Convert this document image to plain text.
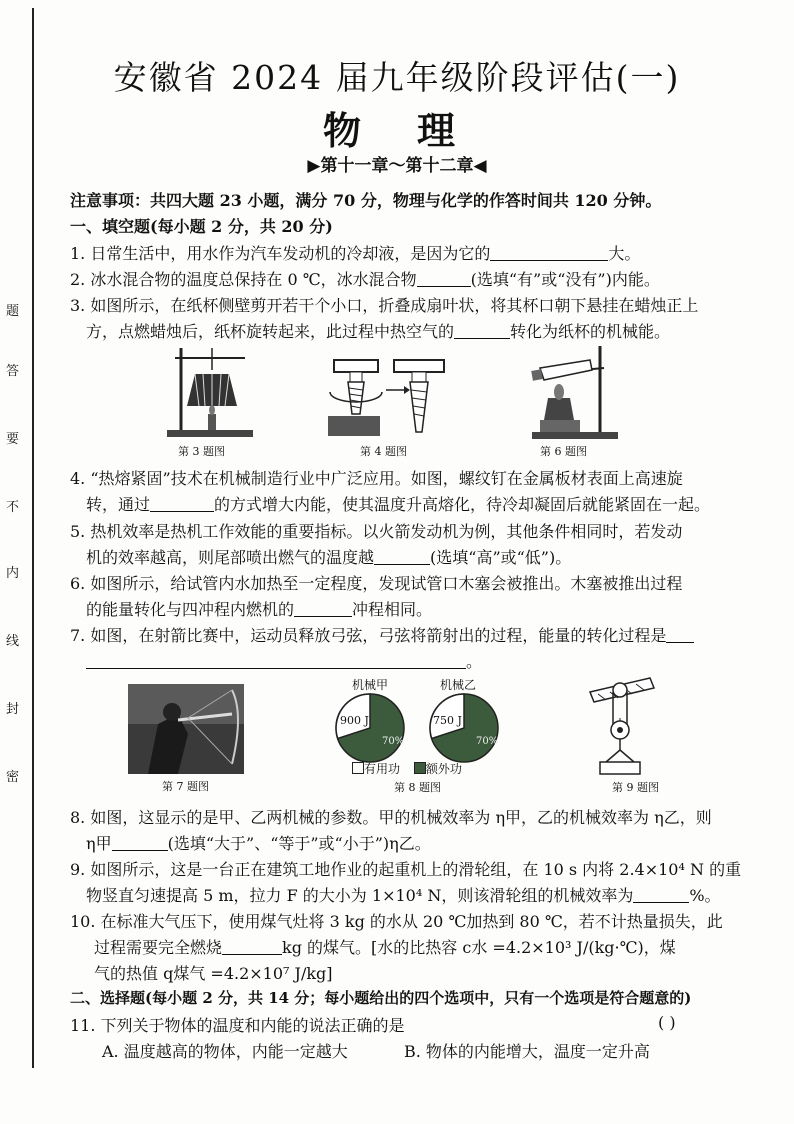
题
答
要
不
内
线
封
密
安徽省 2024 届九年级阶段评估(一)
物理
▶第十一章～第十二章◀
注意事项：共四大题 23 小题，满分 70 分，物理与化学的作答时间共 120 分钟。
一、填空题(每小题 2 分，共 20 分)
1. 日常生活中，用水作为汽车发动机的冷却液，是因为它的	大。
2. 冰水混合物的温度总保持在 0 ℃，冰水混合物	(选填“有”或“没有”)内能。
3. 如图所示，在纸杯侧壁剪开若干个小口，折叠成扇叶状，将其杯口朝下悬挂在蜡烛正上
方，点燃蜡烛后，纸杯旋转起来，此过程中热空气的	转化为纸杯的机械能。
第 3 题图	第 4 题图	第 6 题图
4. “热熔紧固”技术在机械制造行业中广泛应用。如图，螺纹钉在金属板材表面上高速旋
转，通过	的方式增大内能，使其温度升高熔化，待冷却凝固后就能紧固在一起。
5. 热机效率是热机工作效能的重要指标。以火箭发动机为例，其他条件相同时，若发动
机的效率越高，则尾部喷出燃气的温度越	(选填“高”或“低”)。
6. 如图所示，给试管内水加热至一定程度，发现试管口木塞会被推出。木塞被推出过程
的能量转化与四冲程内燃机的	冲程相同。
7. 如图，在射箭比赛中，运动员释放弓弦，弓弦将箭射出的过程，能量的转化过程是
。
第 7 题图
机械甲
900 J
70%
机械乙
750 J
70%
有用功 额外功
第 8 题图	第 9 题图
8. 如图，这显示的是甲、乙两机械的参数。甲的机械效率为 η甲，乙的机械效率为 η乙，则
η甲	(选填“大于”、“等于”或“小于”)η乙。
9. 如图所示，这是一台正在建筑工地作业的起重机上的滑轮组，在 10 s 内将 2.4×10⁴ N 的重
物竖直匀速提高 5 m，拉力 F 的大小为 1×10⁴ N，则该滑轮组的机械效率为	%。
10. 在标准大气压下，使用煤气灶将 3 kg 的水从 20 ℃加热到 80 ℃，若不计热量损失，此
过程需要完全燃烧	kg 的煤气。[水的比热容 c水 =4.2×10³ J/(kg·℃)，煤
气的热值 q煤气 =4.2×10⁷ J/kg]
二、选择题(每小题 2 分，共 14 分；每小题给出的四个选项中，只有一个选项是符合题意的)
11. 下列关于物体的温度和内能的说法正确的是	( )
A. 温度越高的物体，内能一定越大	B. 物体的内能增大，温度一定升高
